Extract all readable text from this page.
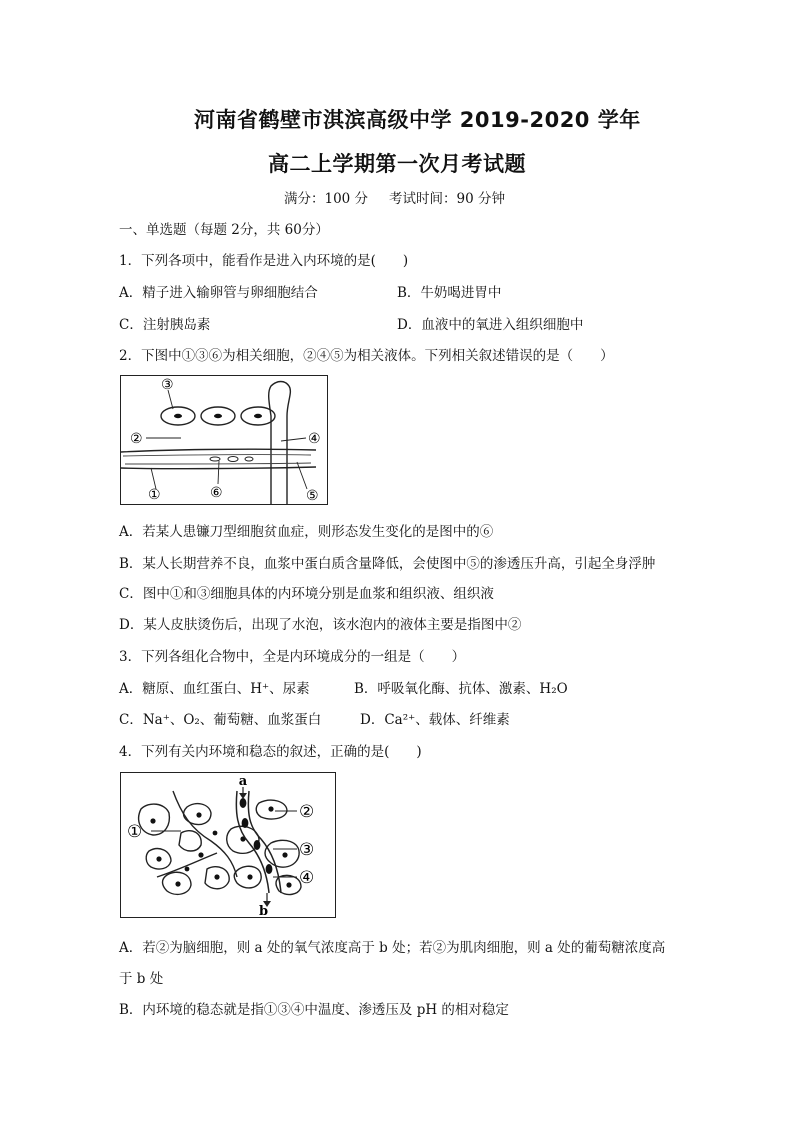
河南省鹤壁市淇滨高级中学 2019-2020 学年
高二上学期第一次月考试题
满分：100 分 考试时间：90 分钟
一、单选题（每题 2分，共 60分）
1．下列各项中，能看作是进入内环境的是(　　)
A．精子进入输卵管与卵细胞结合	B．牛奶喝进胃中
C．注射胰岛素	D．血液中的氧进入组织细胞中
2．下图中①③⑥为相关细胞，②④⑤为相关液体。下列相关叙述错误的是（　　）
③
②	④
①	⑥	⑤
A．若某人患镰刀型细胞贫血症，则形态发生变化的是图中的⑥
B．某人长期营养不良，血浆中蛋白质含量降低，会使图中⑤的渗透压升高，引起全身浮肿
C．图中①和③细胞具体的内环境分别是血浆和组织液、组织液
D．某人皮肤烫伤后，出现了水泡，该水泡内的液体主要是指图中②
3．下列各组化合物中，全是内环境成分的一组是（　　）
A．糖原、血红蛋白、H⁺、尿素	B．呼吸氧化酶、抗体、激素、H₂O
C．Na⁺、O₂、葡萄糖、血浆蛋白	D．Ca²⁺、载体、纤维素
4．下列有关内环境和稳态的叙述，正确的是(　　)
a
②
①
③
④
b
A．若②为脑细胞，则 a 处的氧气浓度高于 b 处；若②为肌肉细胞，则 a 处的葡萄糖浓度高
于 b 处
B．内环境的稳态就是指①③④中温度、渗透压及 pH 的相对稳定
